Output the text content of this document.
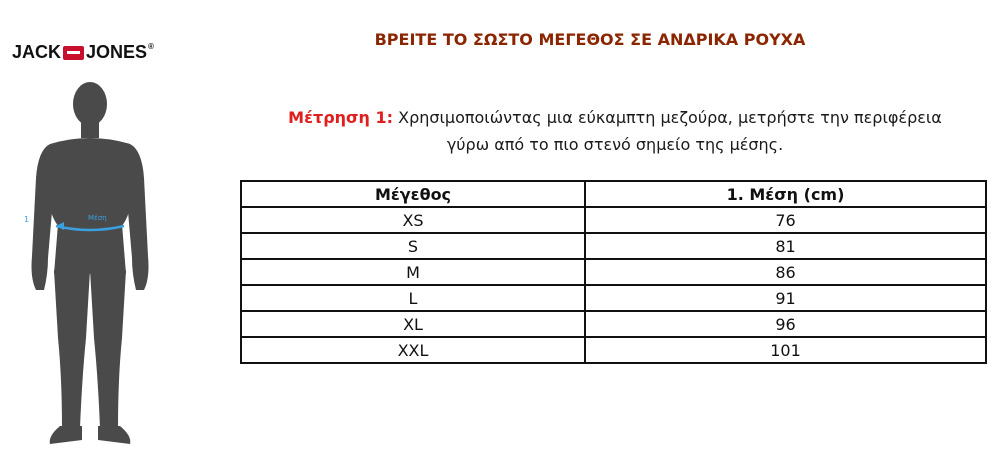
JACK JONES ®
1	Μέση
ΒΡΕΙΤΕ ΤΟ ΣΩΣΤΟ ΜΕΓΕΘΟΣ ΣΕ ΑΝΔΡΙΚΑ ΡΟΥΧΑ
Μέτρηση 1: Χρησιμοποιώντας μια εύκαμπτη μεζούρα, μετρήστε την περιφέρεια
γύρω από το πιο στενό σημείο της μέσης.
Μέγεθος	1. Μέση (cm)
XS	76
S	81
M	86
L	91
XL	96
XXL	101
